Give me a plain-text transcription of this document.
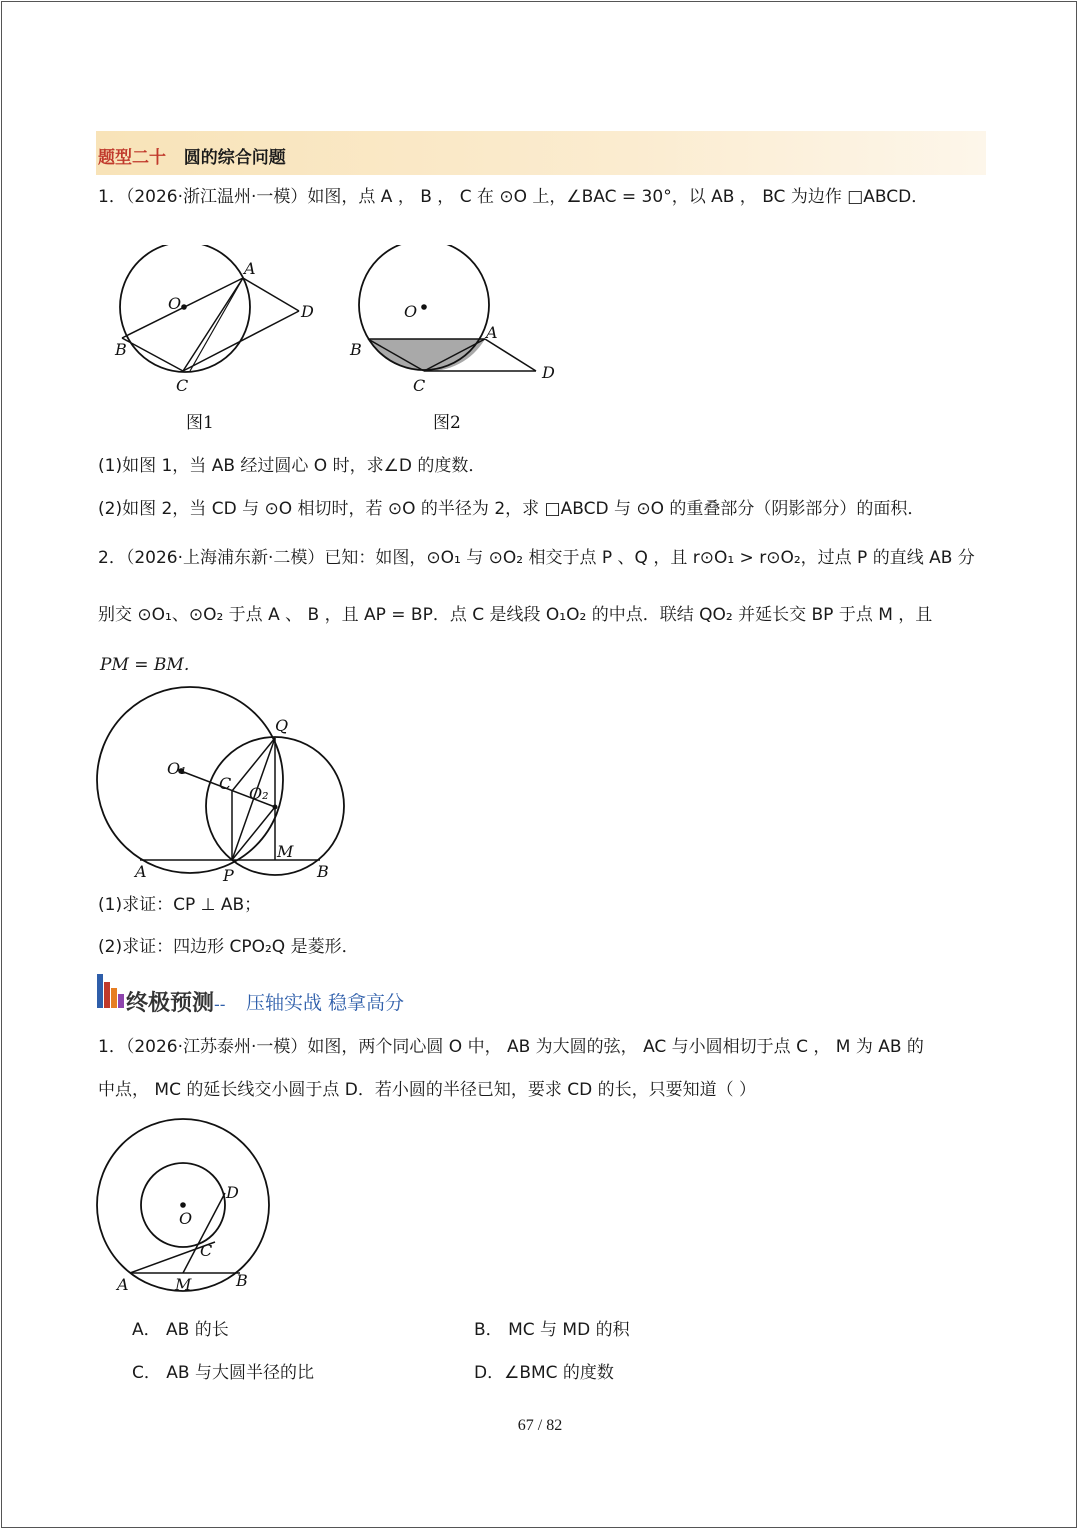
题型二十 圆的综合问题
1．（2026·浙江温州·一模）如图，点 A ， B ， C 在 ⊙O 上，∠BAC = 30°，以 AB ， BC 为边作 □ABCD．
O
A
B
C
D
图1
O
A
B
C
D
图2
(1)如图 1，当 AB 经过圆心 O 时，求∠D 的度数．
(2)如图 2，当 CD 与 ⊙O 相切时，若 ⊙O 的半径为 2，求 □ABCD 与 ⊙O 的重叠部分（阴影部分）的面积．
2．（2026·上海浦东新·二模）已知：如图，⊙O₁ 与 ⊙O₂ 相交于点 P 、Q ，且 r⊙O₁ > r⊙O₂，过点 P 的直线 AB 分
别交 ⊙O₁、⊙O₂ 于点 A 、 B ，且 AP = BP．点 C 是线段 O₁O₂ 的中点．联结 QO₂ 并延长交 BP 于点 M ，且
PM = BM．
O₁
O₂
C
Q
M
A	P	B
(1)求证：CP ⊥ AB；
(2)求证：四边形 CPO₂Q 是菱形．
终极预测-- 压轴实战 稳拿高分
1．（2026·江苏泰州·一模）如图，两个同心圆 O 中， AB 为大圆的弦， AC 与小圆相切于点 C ， M 为 AB 的
中点， MC 的延长线交小圆于点 D．若小圆的半径已知，要求 CD 的长，只要知道（ ）
O
D
C
A	M	B
A． AB 的长	B． MC 与 MD 的积
C． AB 与大圆半径的比	D．∠BMC 的度数
67 / 82
